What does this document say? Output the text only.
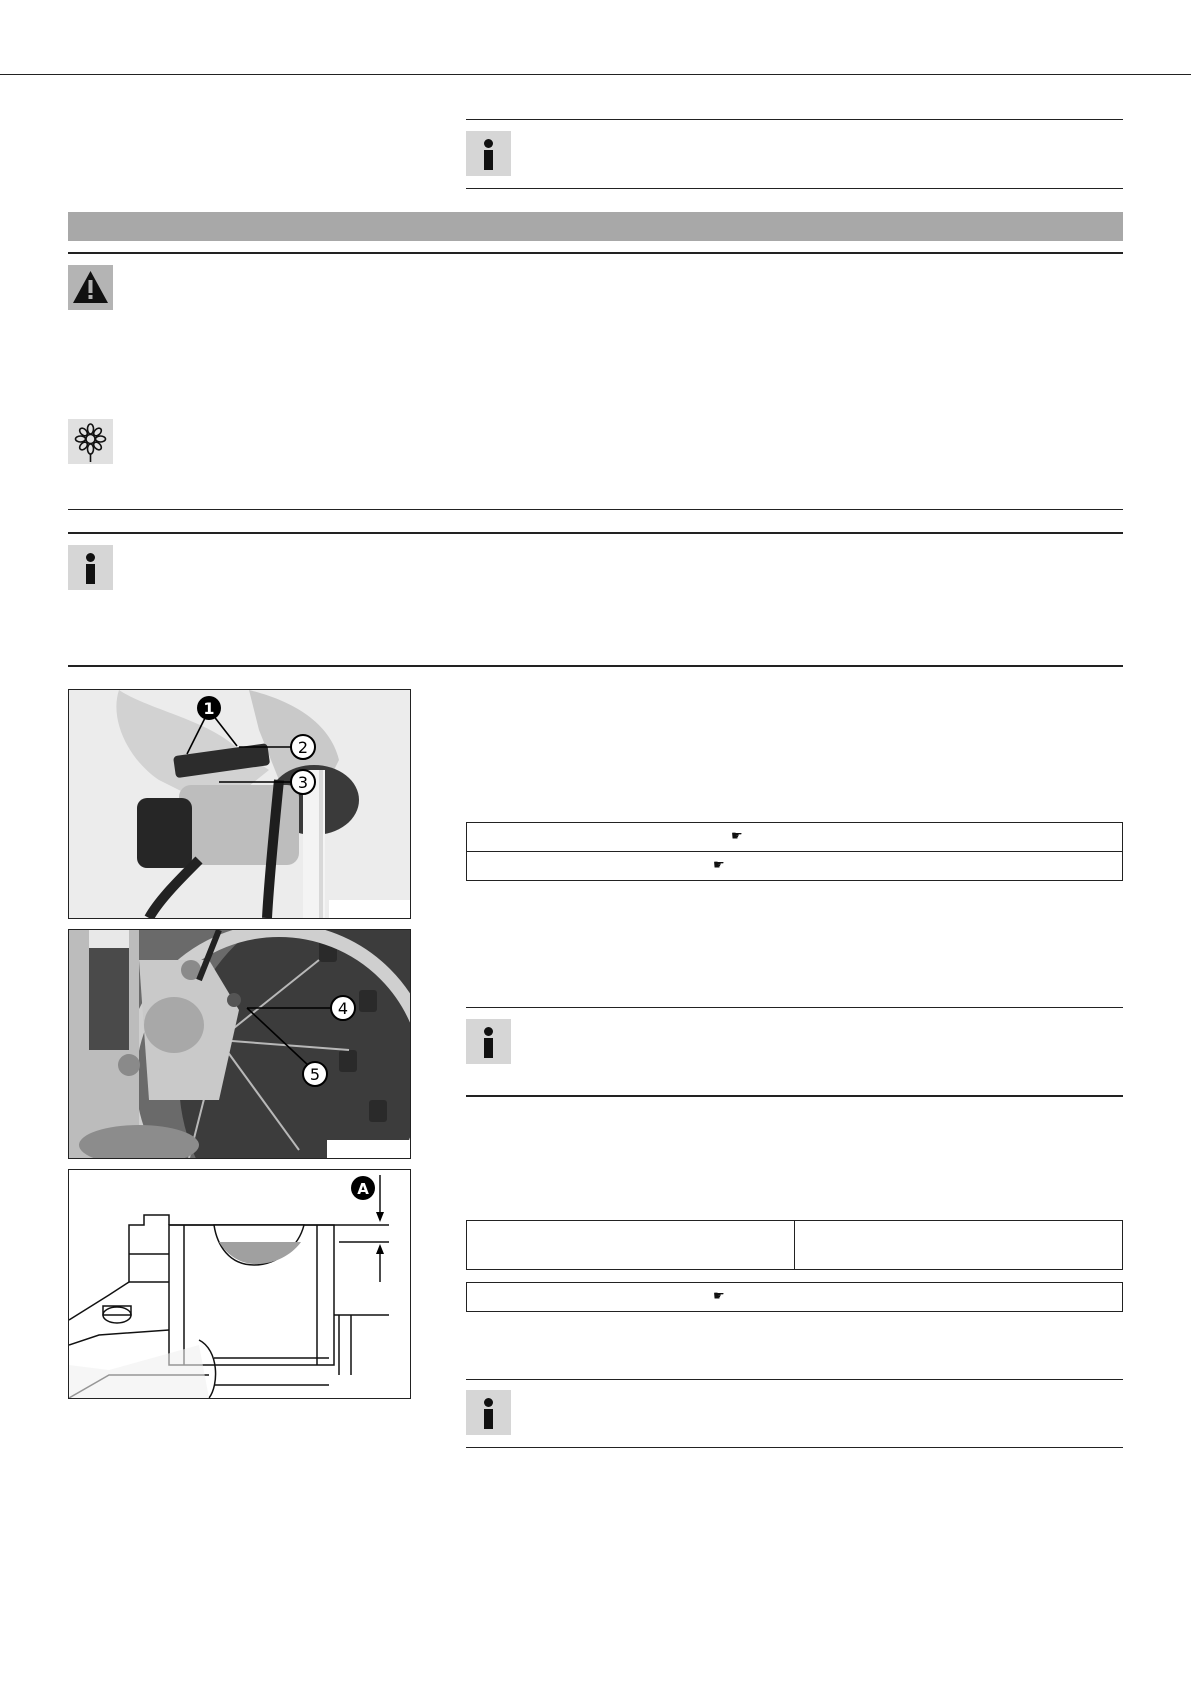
1
2
3
☛
☛
4
5
A
☛
